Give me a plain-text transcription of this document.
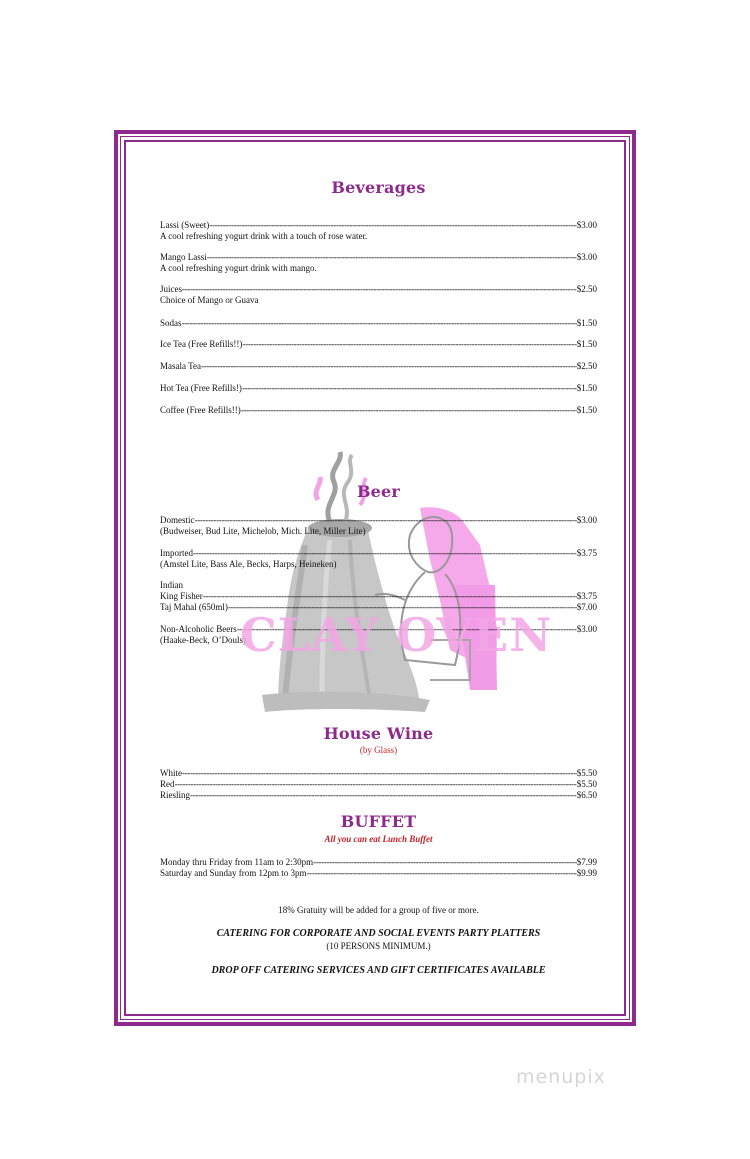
Beverages
Lassi (Sweet) -----	$3.00
A cool refreshing yogurt drink with a touch of rose water.
Mango Lassi -----	$3.00
A cool refreshing yogurt drink with mango.
Juices -----	--$2.50
Choice of Mango or Guava
Sodas -----	$1.50
Ice Tea (Free Refills!!) -----	$1.50
Masala Tea -----	$2.50
Hot Tea (Free Refills!) -----	$1.50
Coffee (Free Refills!!) -----	$1.50
Beer
Domestic -----	$3.00
(Budweiser, Bud Lite, Michelob, Mich. Lite, Miller Lite)
Imported -----	-$3.75
(Amstel Lite, Bass Ale, Becks, Harps, Heineken)
Indian
King Fisher -----	$3.75
Taj Mahal (650ml) -----	$7.00
Non-Alcoholic Beers -----	$3.00
(Haake-Beck, O’Douls)
CLAY OVEN
House Wine
(by Glass)
White -----	$5.50
Red -----	-$5.50
Riesling -----	-$6.50
BUFFET
All you can eat Lunch Buffet
Monday thru Friday from 11am to 2:30pm -----	$7.99
Saturday and Sunday from 12pm to 3pm -----	$9.99
18% Gratuity will be added for a group of five or more.
CATERING FOR CORPORATE AND SOCIAL EVENTS PARTY PLATTERS
(10 PERSONS MINIMUM.)
DROP OFF CATERING SERVICES AND GIFT CERTIFICATES AVAILABLE
menupix
